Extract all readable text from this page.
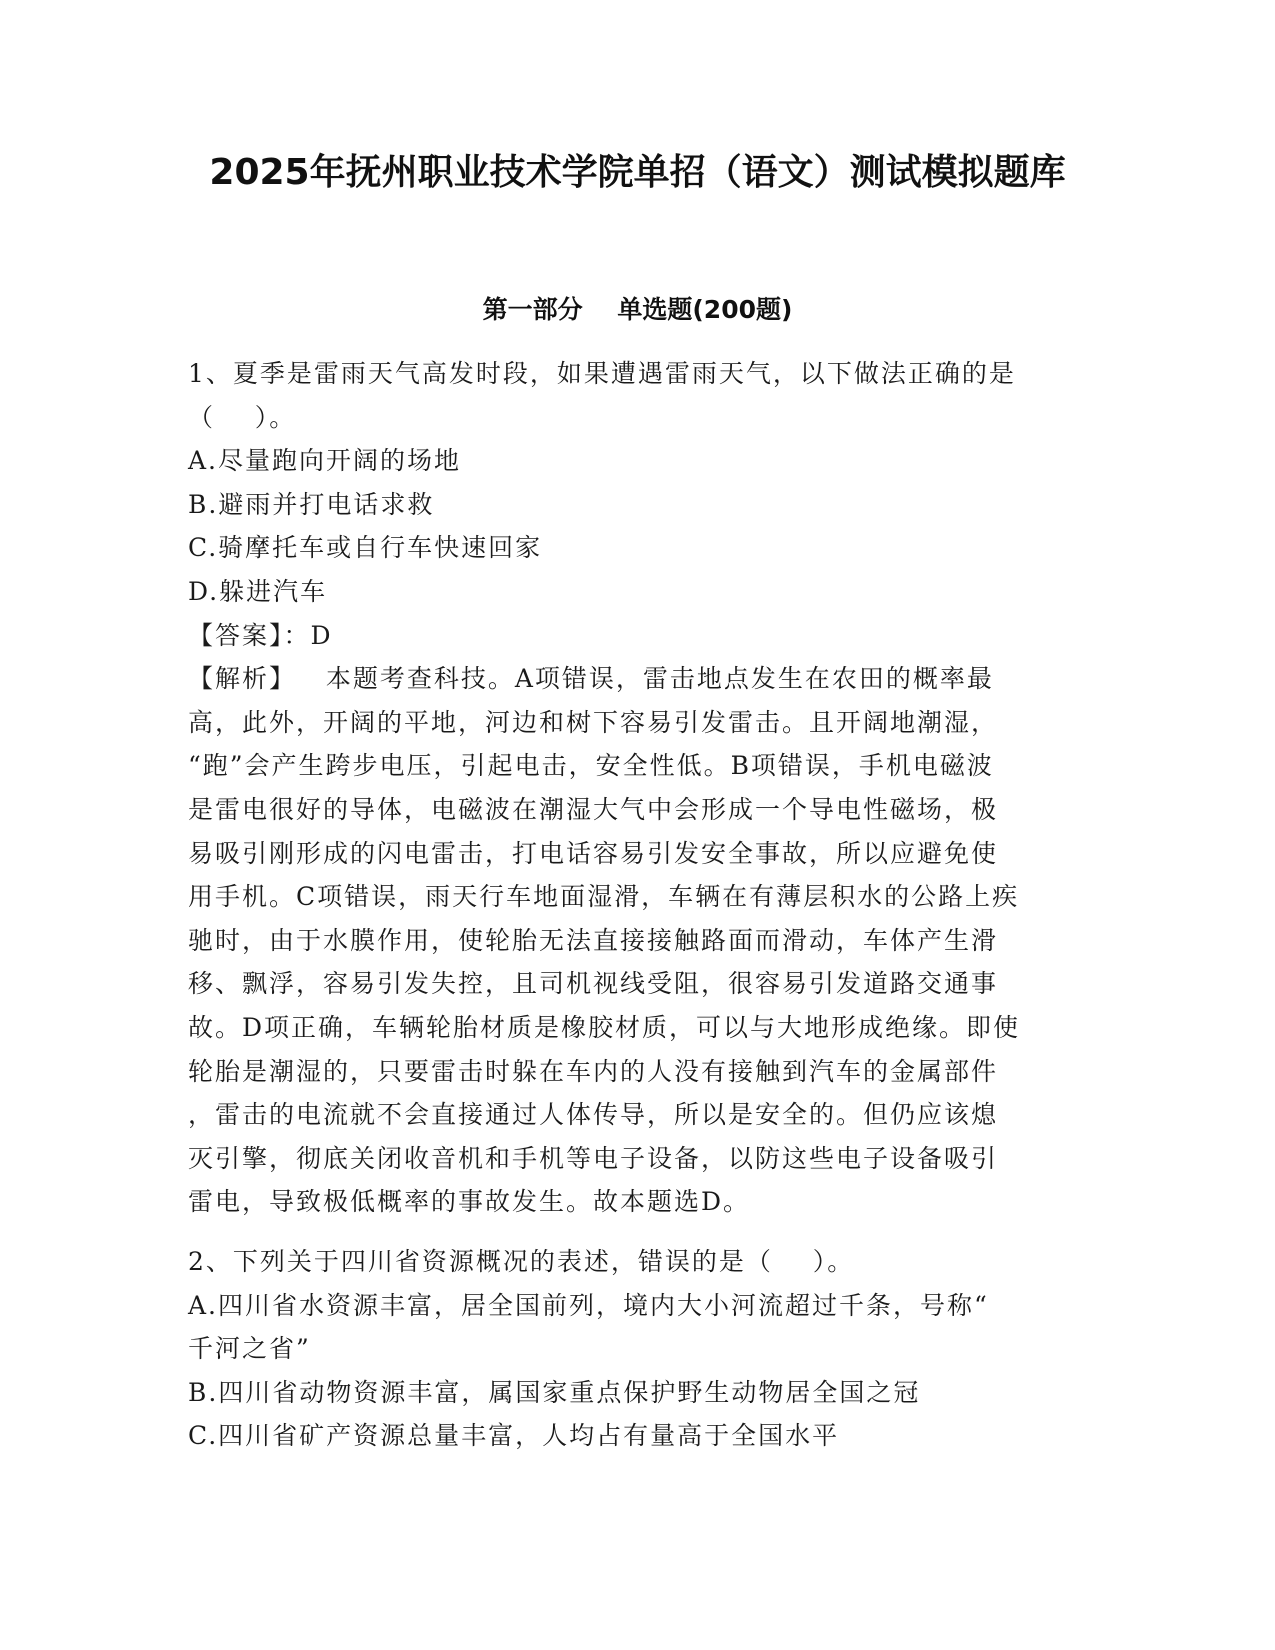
2025年抚州职业技术学院单招（语文）测试模拟题库
第一部分    单选题(200题)
1、夏季是雷雨天气高发时段，如果遭遇雷雨天气，以下做法正确的是
（    ）。
A.尽量跑向开阔的场地
B.避雨并打电话求救
C.骑摩托车或自行车快速回家
D.躲进汽车
【答案】：D
【解析】   本题考查科技。A项错误，雷击地点发生在农田的概率最
高，此外，开阔的平地，河边和树下容易引发雷击。且开阔地潮湿，
“跑”会产生跨步电压，引起电击，安全性低。B项错误，手机电磁波
是雷电很好的导体，电磁波在潮湿大气中会形成一个导电性磁场，极
易吸引刚形成的闪电雷击，打电话容易引发安全事故，所以应避免使
用手机。C项错误，雨天行车地面湿滑，车辆在有薄层积水的公路上疾
驰时，由于水膜作用，使轮胎无法直接接触路面而滑动，车体产生滑
移、飘浮，容易引发失控，且司机视线受阻，很容易引发道路交通事
故。D项正确，车辆轮胎材质是橡胶材质，可以与大地形成绝缘。即使
轮胎是潮湿的，只要雷击时躲在车内的人没有接触到汽车的金属部件
，雷击的电流就不会直接通过人体传导，所以是安全的。但仍应该熄
灭引擎，彻底关闭收音机和手机等电子设备，以防这些电子设备吸引
雷电，导致极低概率的事故发生。故本题选D。
2、下列关于四川省资源概况的表述，错误的是（    ）。
A.四川省水资源丰富，居全国前列，境内大小河流超过千条，号称“
千河之省”
B.四川省动物资源丰富，属国家重点保护野生动物居全国之冠
C.四川省矿产资源总量丰富，人均占有量高于全国水平
